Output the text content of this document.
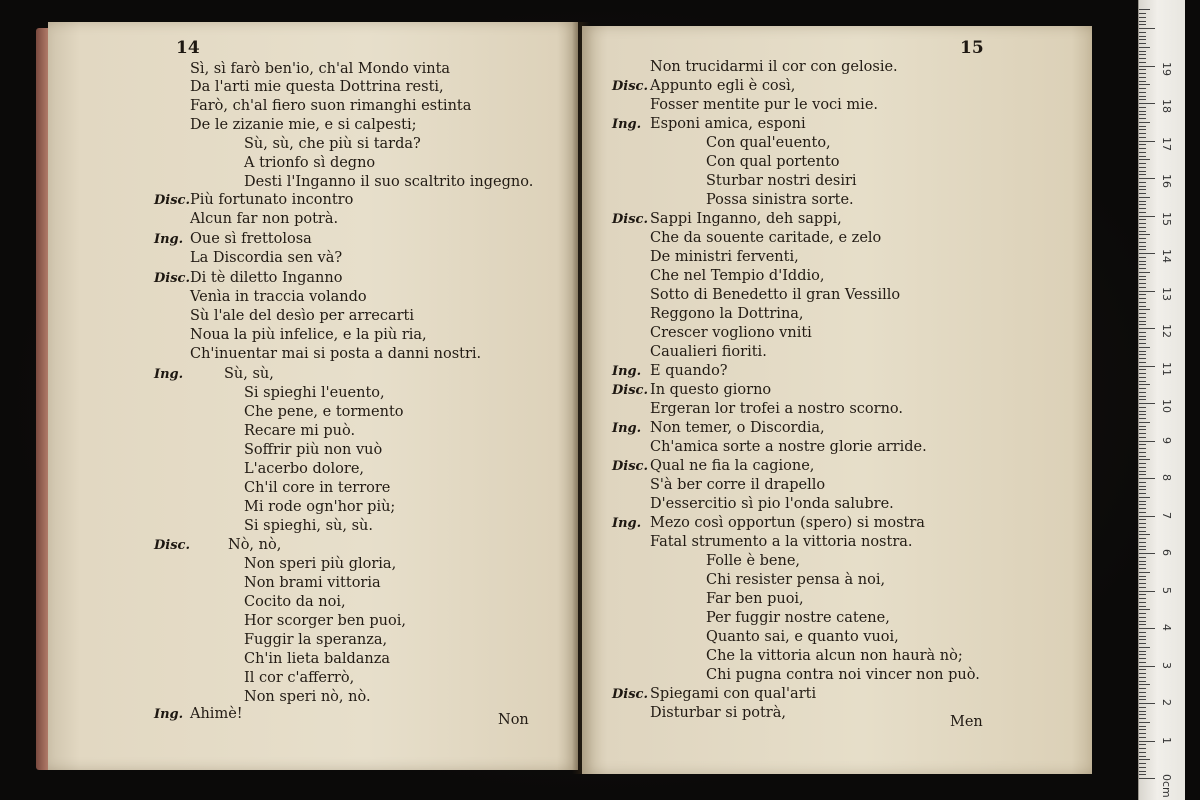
14
Sì, sì farò ben'io, ch'al Mondo vinta
Da l'arti mie questa Dottrina resti,
Farò, ch'al fiero suon rimanghi estinta
De le zizanie mie, e si calpesti;
Sù, sù, che più si tarda?
A trionfo sì degno
Desti l'Inganno il suo scaltrito ingegno.
Disc. Più fortunato incontro
Alcun far non potrà.
Ing. Oue sì frettolosa
La Discordia sen và?
Disc. Di tè diletto Inganno
Venìa in traccia volando
Sù l'ale del desìo per arrecarti
Noua la più infelice, e la più ria,
Ch'inuentar mai si posta a danni nostri.
Ing.	Sù, sù,
Si spieghi l'euento,
Che pene, e tormento
Recare mi può.
Soffrir più non vuò
L'acerbo dolore,
Ch'il core in terrore
Mi rode ogn'hor più;
Si spieghi, sù, sù.
Disc.	Nò, nò,
Non speri più gloria,
Non brami vittoria
Cocito da noi,
Hor scorger ben puoi,
Fuggir la speranza,
Ch'in lieta baldanza
Il cor c'afferrò,
Non speri nò, nò.
Ing. Ahimè!	Non
15
Non trucidarmi il cor con gelosie.
Disc. Appunto egli è così,
Fosser mentite pur le voci mie.
Ing. Esponi amica, esponi
Con qual'euento,
Con qual portento
Sturbar nostri desiri
Possa sinistra sorte.
Disc. Sappi Inganno, deh sappi,
Che da souente caritade, e zelo
De ministri ferventi,
Che nel Tempio d'Iddio,
Sotto di Benedetto il gran Vessillo
Reggono la Dottrina,
Crescer vogliono vniti
Caualieri fioriti.
Ing. E quando?
Disc. In questo giorno
Ergeran lor trofei a nostro scorno.
Ing. Non temer, o Discordia,
Ch'amica sorte a nostre glorie arride.
Disc. Qual ne fia la cagione,
S'à ber corre il drapello
D'essercitio sì pio l'onda salubre.
Ing. Mezo così opportun (spero) si mostra
Fatal strumento a la vittoria nostra.
Folle è bene,
Chi resister pensa à noi,
Far ben puoi,
Per fuggir nostre catene,
Quanto sai, e quanto vuoi,
Che la vittoria alcun non haurà nò;
Chi pugna contra noi vincer non può.
Disc. Spiegami con qual'arti
Disturbar si potrà,
Men
0cm
1
2
3
4
5
6
7
8
9
10
11
12
13
14
15
16
17
18
19
